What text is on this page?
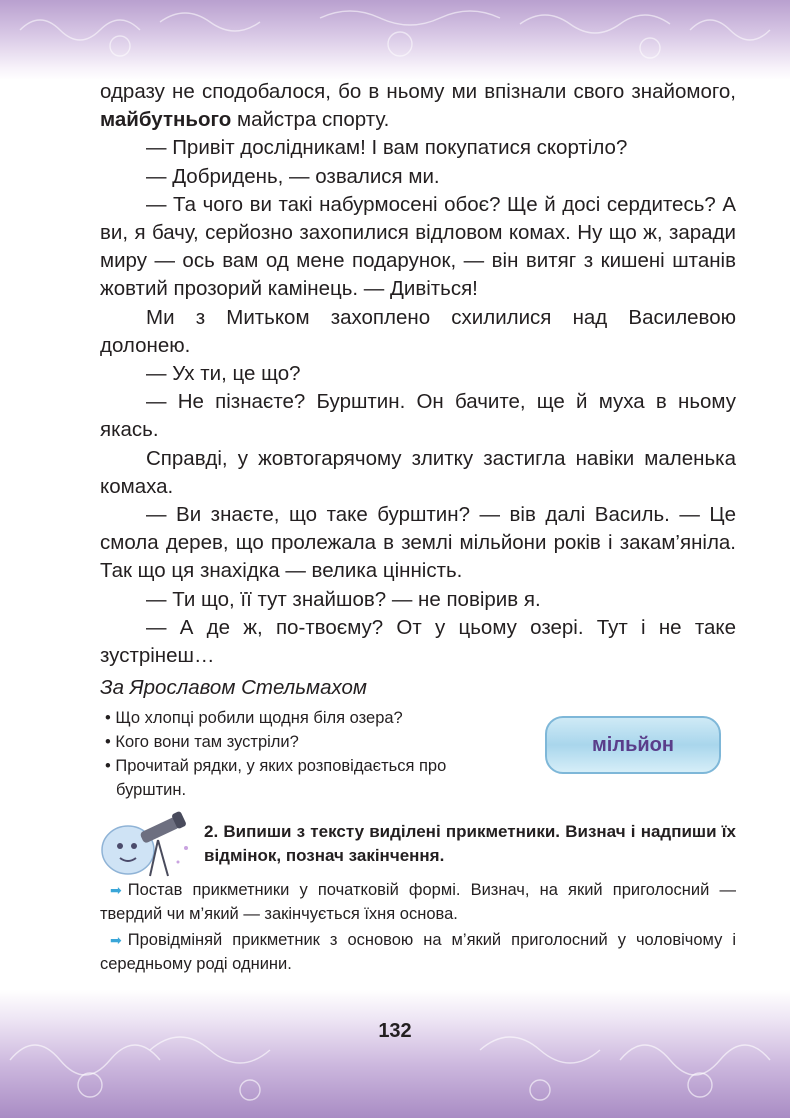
одразу не сподобалося, бо в ньому ми впізнали свого знайомого, майбутнього майстра спорту.

— Привіт дослідникам! І вам покупатися скортіло?

— Добридень, — озвалися ми.

— Та чого ви такі набурмосені обоє? Ще й досі сердитесь? А ви, я бачу, серйозно захопилися відловом комах. Ну що ж, заради миру — ось вам од мене подарунок, — він витяг з кишені штанів жовтий прозорий камінець. — Дивіться!

Ми з Митьком захоплено схилилися над Василевою долонею.

— Ух ти, це що?

— Не пізнаєте? Бурштин. Он бачите, ще й муха в ньому якась.

Справді, у жовтогарячому злитку застигла навіки маленька комаха.

— Ви знаєте, що таке бурштин? — вів далі Василь. — Це смола дерев, що пролежала в землі мільйони років і закам’яніла. Так що ця знахідка — велика цінність.

— Ти що, її тут знайшов? — не повірив я.

— А де ж, по-твоєму? От у цьому озері. Тут і не таке зустрінеш…

За Ярославом Стельмахом

• Що хлопці робили щодня біля озера?
• Кого вони там зустріли?
• Прочитай рядки, у яких розповідається про бурштин.
мільйон
2. Випиши з тексту виділені прикметники. Визнач і надпиши їх відмінок, познач закінчення.

➡ Постав прикметники у початковій формі. Визнач, на який приголосний — твердий чи м’який — закінчується їхня основа.

➡ Провідміняй прикметник з основою на м’який приголосний у чоловічому і середньому роді однини.

132
